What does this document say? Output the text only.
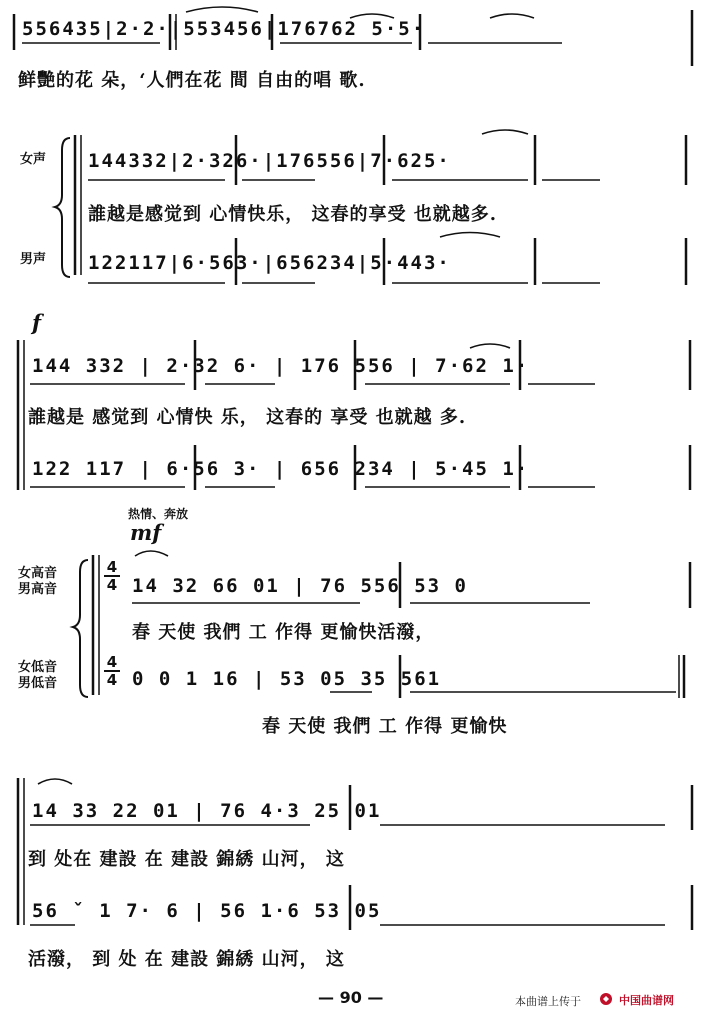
556435|2·2·|553456|176762 5·5·
鲜艷的花 朵，‘人們在花 間 自由的唱 歌.
女声
男声
144332|2·326·|176556|7·625·
誰越是感觉到 心情快乐， 这春的享受 也就越多.
122117|6·563·|656234|5·443·
f
144 332 | 2·32 6· | 176 556 | 7·62 1·
誰越是 感觉到 心情快 乐， 这春的 享受 也就越 多.
122 117 | 6·56 3· | 656 234 | 5·45 1·
热情、奔放
mf
女高音
男高音
女低音
男低音
4
4
4
4
14 32 66 01 | 76 556 53 0
春 天使 我們 工 作得 更愉快活潑，
0 0 1 16 | 53 05 35 561
春 天使 我們 工 作得 更愉快
14 33 22 01 | 76 4·3 25 01
到 处在 建設 在 建設 錦綉 山河， 这
56 ˇ 1 7· 6 | 56 1·6 53 05
活潑， 到 处 在 建設 錦綉 山河， 这
— 90 —	本曲谱上传于	中国曲谱网
